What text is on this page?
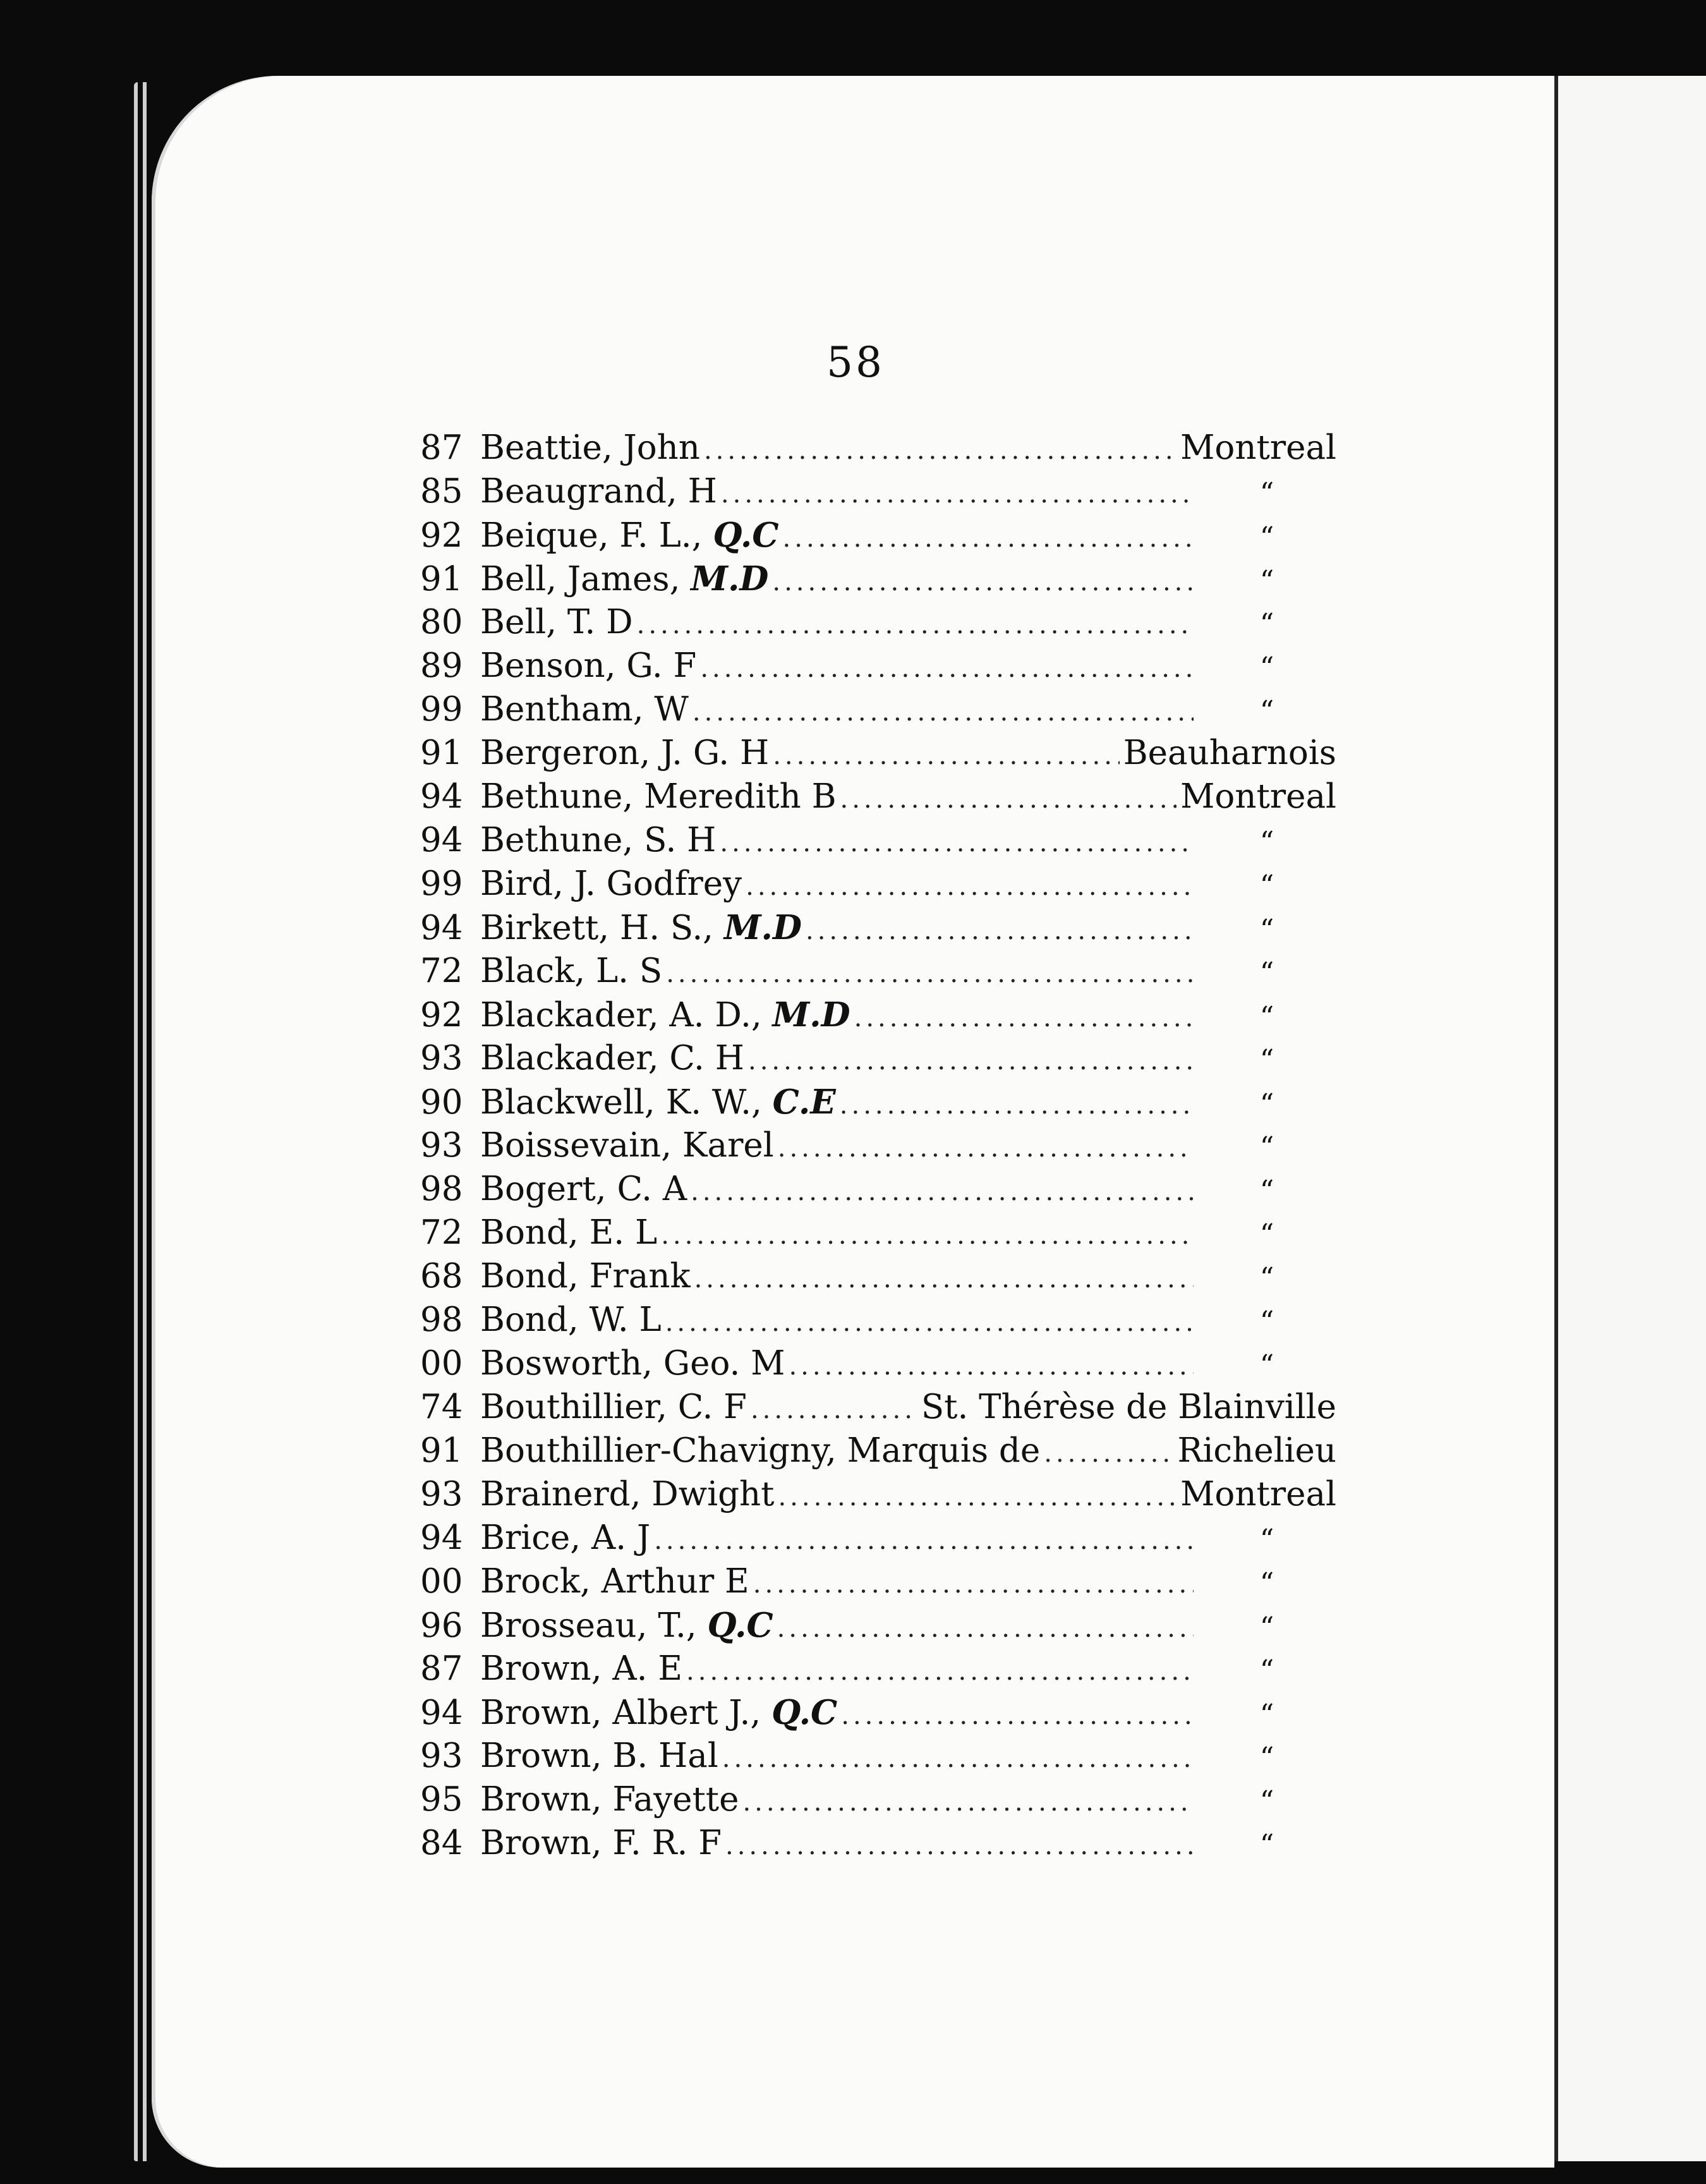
58
87 Beattie, John .....	Montreal
85 Beaugrand, H .....	“
92 Beique, F. L., Q.C .....	“
91 Bell, James, M.D .....	“
80 Bell, T. D .....	“
89 Benson, G. F .....	“
99 Bentham, W .....	“
91 Bergeron, J. G. H .....	Beauharnois
94 Bethune, Meredith B .....	Montreal
94 Bethune, S. H .....	“
99 Bird, J. Godfrey .....	“
94 Birkett, H. S., M.D .....	“
72 Black, L. S .....	“
92 Blackader, A. D., M.D .....	“
93 Blackader, C. H .....	“
90 Blackwell, K. W., C.E .....	“
93 Boissevain, Karel .....	“
98 Bogert, C. A .....	“
72 Bond, E. L .....	“
68 Bond, Frank .....	“
98 Bond, W. L .....	“
00 Bosworth, Geo. M .....	“
74 Bouthillier, C. F .....	St. Thérèse de Blainville
91 Bouthillier-Chavigny, Marquis de .....	Richelieu
93 Brainerd, Dwight .....	Montreal
94 Brice, A. J .....	“
00 Brock, Arthur E .....	“
96 Brosseau, T., Q.C .....	“
87 Brown, A. E .....	“
94 Brown, Albert J., Q.C .....	“
93 Brown, B. Hal .....	“
95 Brown, Fayette .....	“
84 Brown, F. R. F .....	“
